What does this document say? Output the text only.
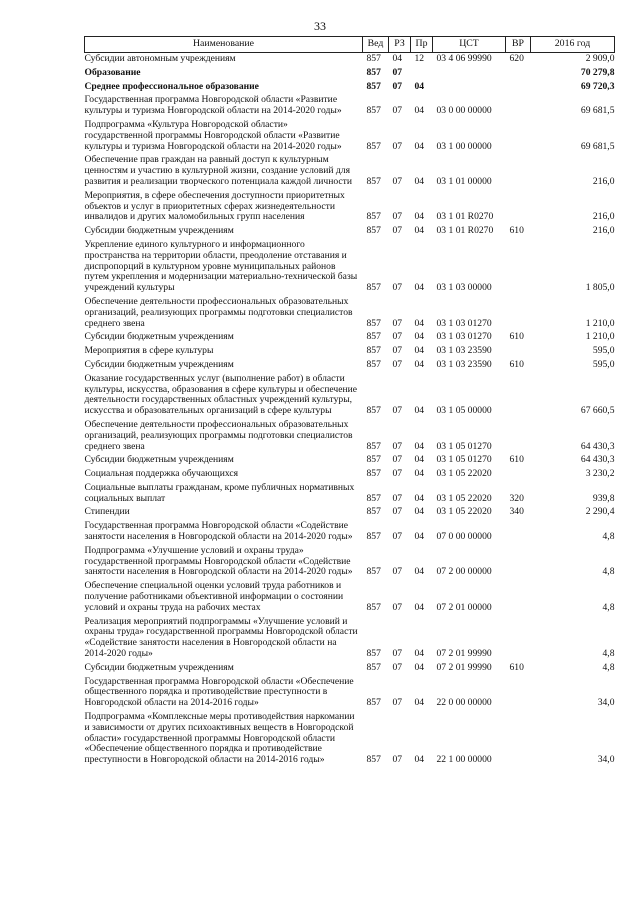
33
Наименование	Вед	РЗ	Пр	ЦСТ	ВР	2016 год
Субсидии автономным учреждениям	857	04	12	03 4 06 99990	620	2 909,0
Образование	857	07				70 279,8
Среднее профессиональное образование	857	07	04			69 720,3
Государственная программа Новгородской области «Развитие культуры и туризма Новгородской области на 2014-2020 годы»	857	07	04	03 0 00 00000		69 681,5
Подпрограмма «Культура Новгородской области» государственной программы Новгородской области «Развитие культуры и туризма Новгородской области на 2014-2020 годы»	857	07	04	03 1 00 00000		69 681,5
Обеспечение прав граждан на равный доступ к культурным ценностям и участию в культурной жизни, создание условий для развития и реализации творческого потенциала каждой личности	857	07	04	03 1 01 00000		216,0
Мероприятия, в сфере обеспечения доступности приоритетных объектов и услуг в приоритетных сферах жизнедеятельности инвалидов и других маломобильных групп населения	857	07	04	03 1 01 R0270		216,0
Субсидии бюджетным учреждениям	857	07	04	03 1 01 R0270	610	216,0
Укрепление единого культурного и информационного пространства на территории области, преодоление отставания и диспропорций в культурном уровне муниципальных районов путем укрепления и модернизации материально-технической базы учреждений культуры	857	07	04	03 1 03 00000		1 805,0
Обеспечение деятельности профессиональных образовательных организаций, реализующих программы подготовки специалистов среднего звена	857	07	04	03 1 03 01270		1 210,0
Субсидии бюджетным учреждениям	857	07	04	03 1 03 01270	610	1 210,0
Мероприятия в сфере культуры	857	07	04	03 1 03 23590		595,0
Субсидии бюджетным учреждениям	857	07	04	03 1 03 23590	610	595,0
Оказание государственных услуг (выполнение работ) в области культуры, искусства, образования в сфере культуры и обеспечение деятельности государственных областных учреждений культуры, искусства и образовательных организаций в сфере культуры	857	07	04	03 1 05 00000		67 660,5
Обеспечение деятельности профессиональных образовательных организаций, реализующих программы подготовки специалистов среднего звена	857	07	04	03 1 05 01270		64 430,3
Субсидии бюджетным учреждениям	857	07	04	03 1 05 01270	610	64 430,3
Социальная поддержка обучающихся	857	07	04	03 1 05 22020		3 230,2
Социальные выплаты гражданам, кроме публичных нормативных социальных выплат	857	07	04	03 1 05 22020	320	939,8
Стипендии	857	07	04	03 1 05 22020	340	2 290,4
Государственная программа Новгородской области «Содействие занятости населения в Новгородской области на 2014-2020 годы»	857	07	04	07 0 00 00000		4,8
Подпрограмма «Улучшение условий и охраны труда» государственной программы Новгородской области «Содействие занятости населения в Новгородской области на 2014-2020 годы»	857	07	04	07 2 00 00000		4,8
Обеспечение специальной оценки условий труда работников и получение работниками объективной информации о состоянии условий и охраны труда на рабочих местах	857	07	04	07 2 01 00000		4,8
Реализация мероприятий подпрограммы «Улучшение условий и охраны труда» государственной программы Новгородской области «Содействие занятости населения в Новгородской области на 2014-2020 годы»	857	07	04	07 2 01 99990		4,8
Субсидии бюджетным учреждениям	857	07	04	07 2 01 99990	610	4,8
Государственная программа Новгородской области «Обеспечение общественного порядка и противодействие преступности в Новгородской области на 2014-2016 годы»	857	07	04	22 0 00 00000		34,0
Подпрограмма «Комплексные меры противодействия наркомании и зависимости от других психоактивных веществ в Новгородской области» государственной программы Новгородской области «Обеспечение общественного порядка и противодействие преступности в Новгородской области на 2014-2016 годы»	857	07	04	22 1 00 00000		34,0
